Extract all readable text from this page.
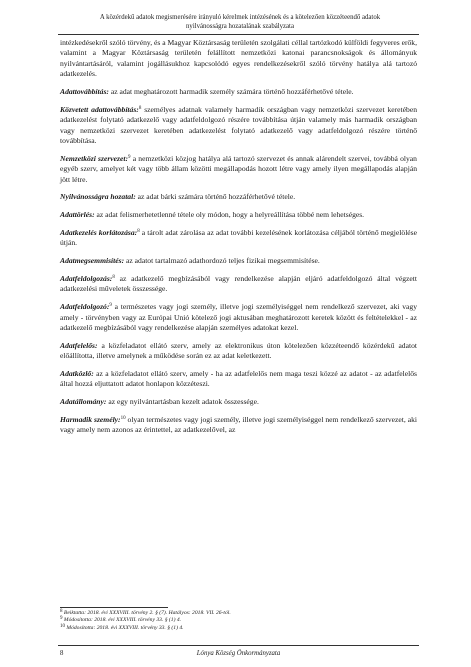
A közérdekű adatok megismerésére irányuló kérelmek intézésének és a kötelezően közzéteendő adatok
nyilvánosságra hozatalának szabályzata

intézkedésekről szóló törvény, és a Magyar Köztársaság területén szolgálati céllal tartózkodó külföldi fegyveres erők, valamint a Magyar Köztársaság területén felállított nemzetközi katonai parancsnokságok és állományuk nyilvántartásáról, valamint jogállásukhoz kapcsolódó egyes rendelkezésekről szóló törvény hatálya alá tartozó adatkezelés.

Adattovábbítás: az adat meghatározott harmadik személy számára történő hozzáférhetővé tétele.

Közvetett adattovábbítás:$^8$ személyes adatnak valamely harmadik országban vagy nemzetközi szervezet keretében adatkezelést folytató adatkezelő vagy adatfeldolgozó részére továbbítása útján valamely más harmadik országban vagy nemzetközi szervezet keretében adatkezelést folytató adatkezelő vagy adatfeldolgozó részére történő továbbítása.

Nemzetközi szervezet:$^9$ a nemzetközi közjog hatálya alá tartozó szervezet és annak alárendelt szervei, továbbá olyan egyéb szerv, amelyet két vagy több állam közötti megállapodás hozott létre vagy amely ilyen megállapodás alapján jött létre.

Nyilvánosságra hozatal: az adat bárki számára történő hozzáférhetővé tétele.

Adattörlés: az adat felismerhetetlenné tétele oly módon, hogy a helyreállítása többé nem lehetséges.

Adatkezelés korlátozása:$^8$ a tárolt adat zárolása az adat további kezelésének korlátozása céljából történő megjelölése útján.

Adatmegsemmisítés: az adatot tartalmazó adathordozó teljes fizikai megsemmisítése.

Adatfeldolgozás:$^8$ az adatkezelő megbízásából vagy rendelkezése alapján eljáró adatfeldolgozó által végzett adatkezelési műveletek összessége.

Adatfeldolgozó:$^9$ a természetes vagy jogi személy, illetve jogi személyiséggel nem rendelkező szervezet, aki vagy amely - törvényben vagy az Európai Unió kötelező jogi aktusában meghatározott keretek között és feltételekkel - az adatkezelő megbízásából vagy rendelkezése alapján személyes adatokat kezel.

Adatfelelős: a közfeladatot ellátó szerv, amely az elektronikus úton kötelezően közzéteendő közérdekű adatot előállította, illetve amelynek a működése során ez az adat keletkezett.

Adatközlő: az a közfeladatot ellátó szerv, amely - ha az adatfelelős nem maga teszi közzé az adatot - az adatfelelős által hozzá eljuttatott adatot honlapon közzéteszi.

Adatállomány: az egy nyilvántartásban kezelt adatok összessége.

Harmadik személy:$^{10}$ olyan természetes vagy jogi személy, illetve jogi személyiséggel nem rendelkező szervezet, aki vagy amely nem azonos az érintettel, az adatkezelővel, az

$^8$ Beiktatta: 2018. évi XXXVIII. törvény 2. § (7). Hatályos: 2018. VII. 26-tól.
$^9$ Módosította: 2018. évi XXXVIII. törvény 33. § (1) 4.
$^{10}$ Módosította: 2018. évi XXXVIII. törvény 33. § (1) 4.
8	Lónya Község Önkormányzata
